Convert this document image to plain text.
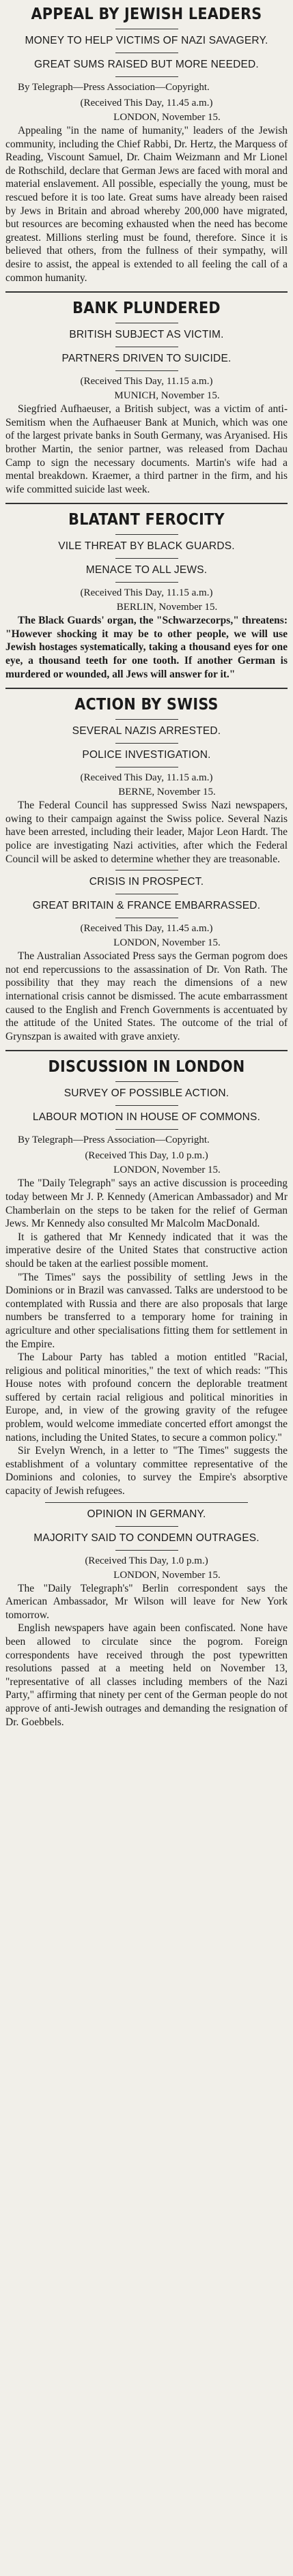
APPEAL BY JEWISH LEADERS
MONEY TO HELP VICTIMS OF NAZI SAVAGERY.
GREAT SUMS RAISED BUT MORE NEEDED.
By Telegraph—Press Association—Copyright.
(Received This Day, 11.45 a.m.)
LONDON, November 15.

Appealing "in the name of humanity," leaders of the Jewish community, including the Chief Rabbi, Dr. Hertz, the Marquess of Reading, Viscount Samuel, Dr. Chaim Weizmann and Mr Lionel de Rothschild, declare that German Jews are faced with moral and material enslavement. All possible, especially the young, must be rescued before it is too late. Great sums have already been raised by Jews in Britain and abroad whereby 200,000 have migrated, but resources are becoming exhausted when the need has become greatest. Millions sterling must be found, therefore. Since it is believed that others, from the fullness of their sympathy, will desire to assist, the appeal is extended to all feeling the call of a common humanity.

BANK PLUNDERED
BRITISH SUBJECT AS VICTIM.
PARTNERS DRIVEN TO SUICIDE.
(Received This Day, 11.15 a.m.)
MUNICH, November 15.

Siegfried Aufhaeuser, a British subject, was a victim of anti-Semitism when the Aufhaeuser Bank at Munich, which was one of the largest private banks in South Germany, was Aryanised. His brother Martin, the senior partner, was released from Dachau Camp to sign the necessary documents. Martin's wife had a mental breakdown. Kraemer, a third partner in the firm, and his wife committed suicide last week.

BLATANT FEROCITY
VILE THREAT BY BLACK GUARDS.
MENACE TO ALL JEWS.
(Received This Day, 11.15 a.m.)
BERLIN, November 15.

The Black Guards' organ, the "Schwarzecorps," threatens: "However shocking it may be to other people, we will use Jewish hostages systematically, taking a thousand eyes for one eye, a thousand teeth for one tooth. If another German is murdered or wounded, all Jews will answer for it."

ACTION BY SWISS
SEVERAL NAZIS ARRESTED.
POLICE INVESTIGATION.
(Received This Day, 11.15 a.m.)
BERNE, November 15.

The Federal Council has suppressed Swiss Nazi newspapers, owing to their campaign against the Swiss police. Several Nazis have been arrested, including their leader, Major Leon Hardt. The police are investigating Nazi activities, after which the Federal Council will be asked to determine whether they are treasonable.

CRISIS IN PROSPECT.
GREAT BRITAIN & FRANCE EMBARRASSED.
(Received This Day, 11.45 a.m.)
LONDON, November 15.

The Australian Associated Press says the German pogrom does not end repercussions to the assassination of Dr. Von Rath. The possibility that they may reach the dimensions of a new international crisis cannot be dismissed. The acute embarrassment caused to the English and French Governments is accentuated by the attitude of the United States. The outcome of the trial of Grynszpan is awaited with grave anxiety.

DISCUSSION IN LONDON
SURVEY OF POSSIBLE ACTION.
LABOUR MOTION IN HOUSE OF COMMONS.
By Telegraph—Press Association—Copyright.
(Received This Day, 1.0 p.m.)
LONDON, November 15.

The "Daily Telegraph" says an active discussion is proceeding today between Mr J. P. Kennedy (American Ambassador) and Mr Chamberlain on the steps to be taken for the relief of German Jews. Mr Kennedy also consulted Mr Malcolm MacDonald.

It is gathered that Mr Kennedy indicated that it was the imperative desire of the United States that constructive action should be taken at the earliest possible moment.

"The Times" says the possibility of settling Jews in the Dominions or in Brazil was canvassed. Talks are understood to be contemplated with Russia and there are also proposals that large numbers be transferred to a temporary home for training in agriculture and other specialisations fitting them for settlement in the Empire.

The Labour Party has tabled a motion entitled "Racial, religious and political minorities," the text of which reads: "This House notes with profound concern the deplorable treatment suffered by certain racial religious and political minorities in Europe, and, in view of the growing gravity of the refugee problem, would welcome immediate concerted effort amongst the nations, including the United States, to secure a common policy."

Sir Evelyn Wrench, in a letter to "The Times" suggests the establishment of a voluntary committee representative of the Dominions and colonies, to survey the Empire's absorptive capacity of Jewish refugees.

OPINION IN GERMANY.
MAJORITY SAID TO CONDEMN OUTRAGES.
(Received This Day, 1.0 p.m.)
LONDON, November 15.

The "Daily Telegraph's" Berlin correspondent says the American Ambassador, Mr Wilson will leave for New York tomorrow.

English newspapers have again been confiscated. None have been allowed to circulate since the pogrom. Foreign correspondents have received through the post typewritten resolutions passed at a meeting held on November 13, "representative of all classes including members of the Nazi Party," affirming that ninety per cent of the German people do not approve of anti-Jewish outrages and demanding the resignation of Dr. Goebbels.
